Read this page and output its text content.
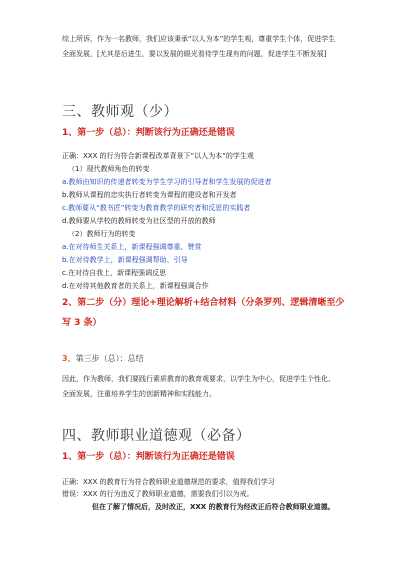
综上所诉，作为一名教师，我们应该秉承“以人为本”的学生观，尊重学生个体，促进学生
全面发展，[尤其是后进生，要以发展的眼光看待学生现有的问题，促进学生不断发展]
三、教师观（少）
1、第一步（总）：判断该行为正确还是错误
正确：XXX 的行为符合新课程改革背景下“以人为本”的学生观
（1）现代教师角色的转变
a.教师由知识的传递者转变为学生学习的引导者和学生发展的促进者
b.教师从课程的忠实执行者转变为课程的建设者和开发者
c.教师要从“教书匠”转变为教育教学的研究者和反思的实践者
d.教师要从学校的教师转变为社区型的开放的教师
（2）教师行为的转变
a.在对待师生关系上，新课程强调尊重、赞赏
b.在对待教学上，新课程强调帮助、引导
c.在对待自我上，新课程强调反思
d.在对待其他教育者的关系上，新课程强调合作
2、第二步（分）理论+理论解析+结合材料（分条罗列、逻辑清晰至少
写 3 条）
3、第三步（总）：总结
因此，作为教师，我们要践行素质教育的教育观要求，以学生为中心，促进学生个性化、
全面发展，注重培养学生的创新精神和实践能力。
四、教师职业道德观（必备）
1、第一步（总）：判断该行为正确还是错误
正确：XXX 的教育行为符合教师职业道德规范的要求，值得我们学习
错误：XXX 的行为违反了教师职业道德，需要我们引以为戒。
但在了解了情况后，及时改正，XXX 的教育行为经改正后符合教师职业道德。
